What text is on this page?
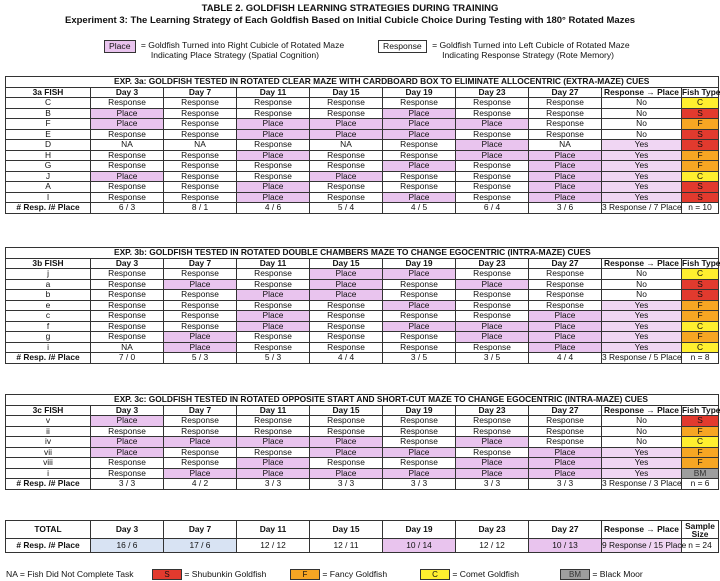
TABLE 2. GOLDFISH LEARNING STRATEGIES DURING TRAINING
Experiment 3: The Learning Strategy of Each Goldfish Based on Initial Cubicle Choice During Testing with 180° Rotated Mazes
Place = Goldfish Turned into Right Cubicle of Rotated Maze
Indicating Place Strategy (Spatial Cognition)
Response = Goldfish Turned into Left Cubicle of Rotated Maze
Indicating Response Strategy (Rote Memory)
EXP. 3a: GOLDFISH TESTED IN ROTATED CLEAR MAZE WITH CARDBOARD BOX TO ELIMINATE ALLOCENTRIC (EXTRA-MAZE) CUES									
3a FISH	Day 3	Day 7	Day 11	Day 15	Day 19	Day 23	Day 27	Response → Place	Fish Type
C	Response	Response	Response	Response	Response	Response	Response	No	C
B	Place	Response	Response	Response	Place	Response	Response	No	S
F	Place	Response	Place	Place	Place	Place	Response	No	F
E	Response	Response	Place	Place	Place	Response	Response	No	S
D	NA	NA	Response	NA	Response	Place	NA	Yes	S
H	Response	Response	Place	Response	Response	Place	Place	Yes	F
G	Response	Response	Response	Response	Place	Response	Place	Yes	F
J	Place	Response	Response	Place	Response	Response	Place	Yes	C
A	Response	Response	Place	Response	Response	Response	Place	Yes	S
I	Response	Response	Place	Response	Place	Response	Place	Yes	S
# Resp. /# Place	6 / 3	8 / 1	4 / 6	5 / 4	4 / 5	6 / 4	3 / 6	3 Response / 7 Place	n = 10
EXP. 3b: GOLDFISH TESTED IN ROTATED DOUBLE CHAMBERS MAZE TO CHANGE EGOCENTRIC (INTRA-MAZE) CUES									
3b FISH	Day 3	Day 7	Day 11	Day 15	Day 19	Day 23	Day 27	Response → Place	Fish Type
j	Response	Response	Response	Place	Place	Response	Response	No	C
a	Response	Place	Response	Place	Response	Place	Response	No	S
b	Response	Response	Place	Place	Response	Response	Response	No	S
e	Response	Response	Response	Response	Place	Response	Response	Yes	F
c	Response	Response	Place	Response	Response	Response	Place	Yes	F
f	Response	Response	Place	Response	Place	Place	Place	Yes	C
g	Response	Place	Response	Response	Response	Place	Place	Yes	F
i	NA	Place	Response	Response	Response	Response	Place	Yes	C
# Resp. /# Place	7 / 0	5 / 3	5 / 3	4 / 4	3 / 5	3 / 5	4 / 4	3 Response / 5 Place	n = 8
EXP. 3c: GOLDFISH TESTED IN ROTATED OPPOSITE START AND SHORT-CUT MAZE TO CHANGE EGOCENTRIC (INTRA-MAZE) CUES									
3c FISH	Day 3	Day 7	Day 11	Day 15	Day 19	Day 23	Day 27	Response → Place	Fish Type
v	Place	Response	Response	Response	Response	Response	Response	No	S
ii	Response	Response	Response	Response	Response	Response	Response	No	F
iv	Place	Place	Place	Place	Response	Place	Response	No	C
vii	Place	Response	Response	Place	Place	Response	Place	Yes	F
viii	Response	Response	Place	Response	Response	Place	Place	Yes	F
i	Response	Place	Place	Place	Place	Place	Place	Yes	BM
# Resp. /# Place	3 / 3	4 / 2	3 / 3	3 / 3	3 / 3	3 / 3	3 / 3	3 Response / 3 Place	n = 6
TOTAL	Day 3	Day 7	Day 11	Day 15	Day 19	Day 23	Day 27	Response → Place	Sample Size
# Resp. /# Place	16 / 6	17 / 6	12 / 12	12 / 11	10 / 14	12 / 12	10 / 13	9 Response / 15 Place	n = 24
NA = Fish Did Not Complete Task	S = Shubunkin Goldfish	F = Fancy Goldfish	C = Comet Goldfish	BM = Black Moor
